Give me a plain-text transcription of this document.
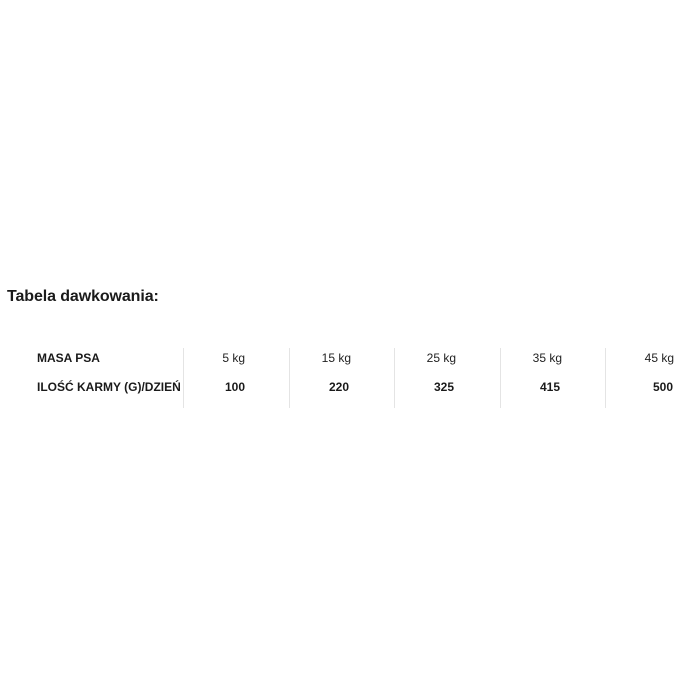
Tabela dawkowania:
MASA PSA
ILOŚĆ KARMY (G)/DZIEŃ
5 kg
100
15 kg
220
25 kg
325
35 kg
415
45 kg
500
